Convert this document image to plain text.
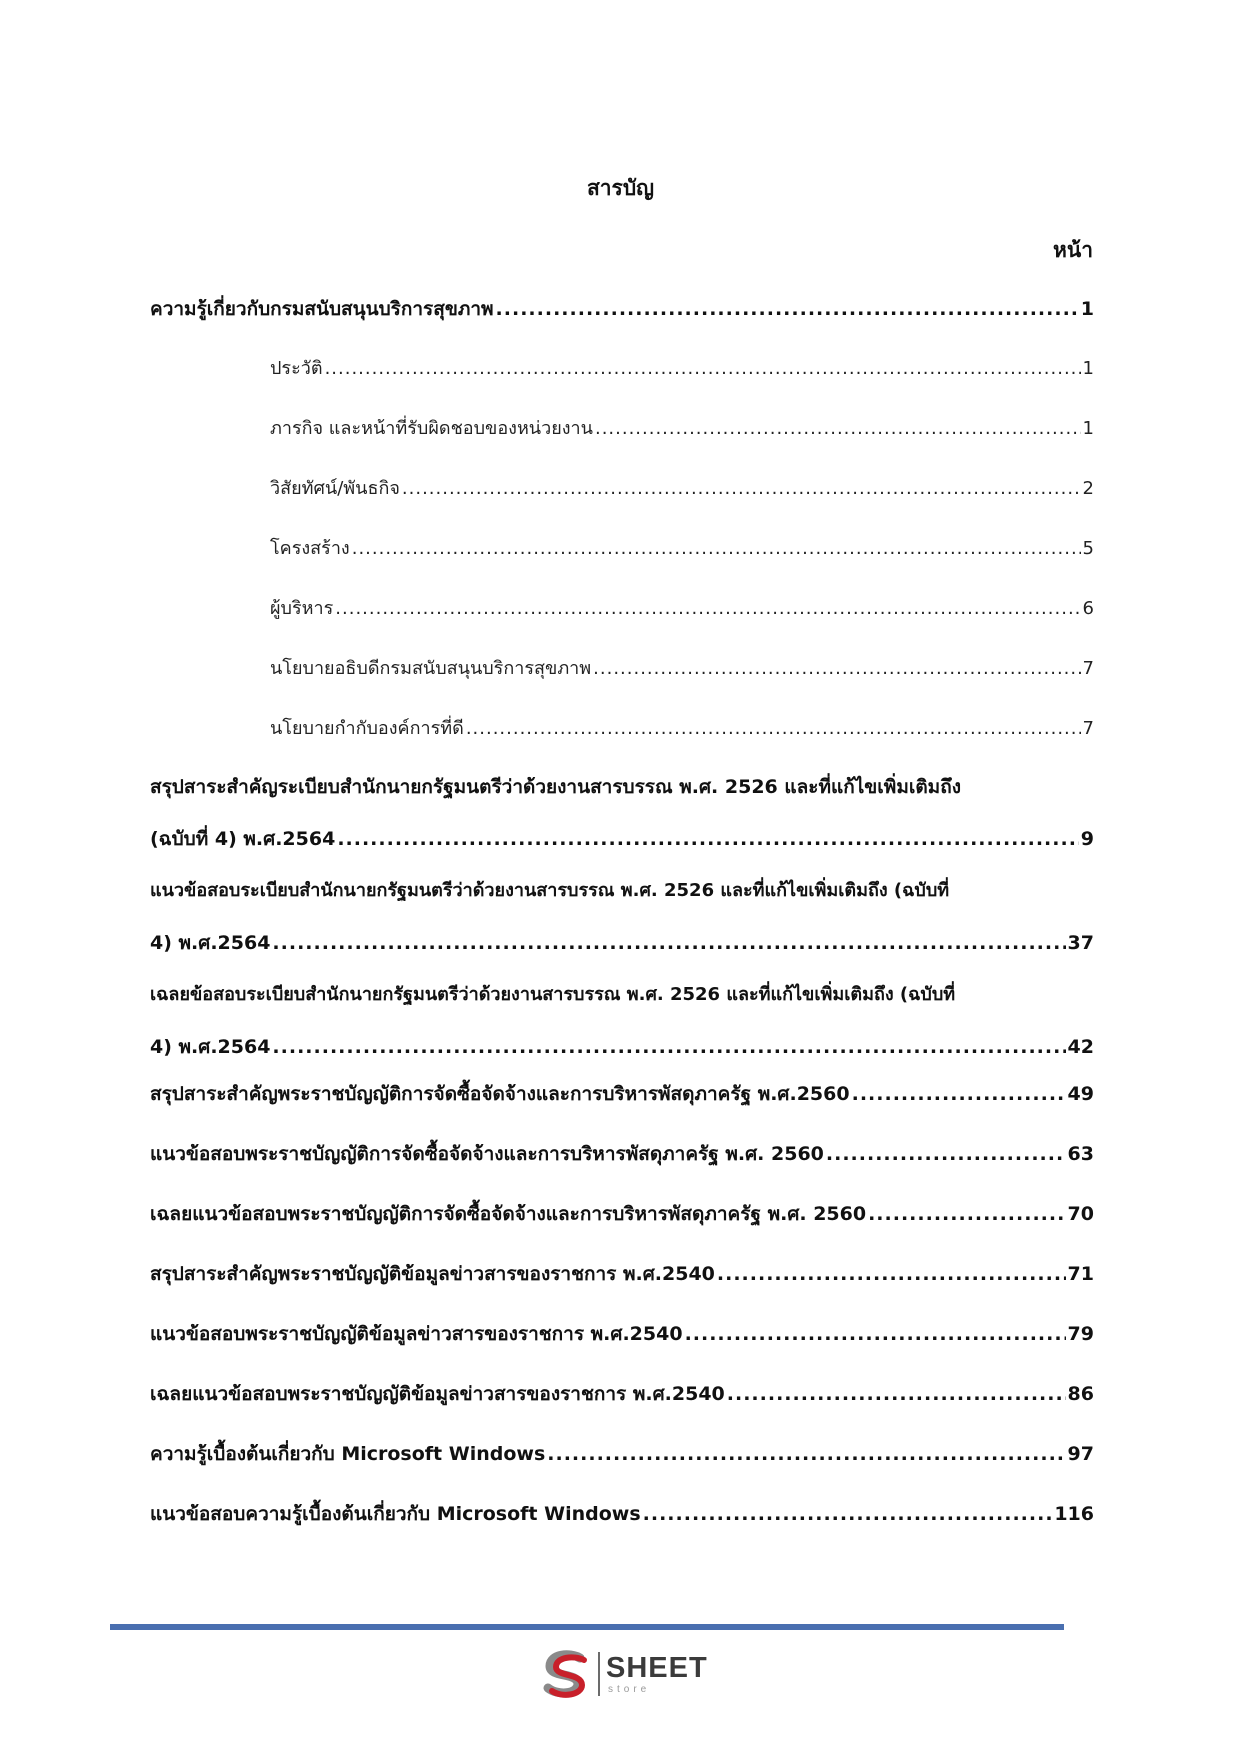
สารบัญ
หน้า
ความรู้เกี่ยวกับกรมสนับสนุนบริการสุขภาพ .....	1
ประวัติ .....	1
ภารกิจ และหน้าที่รับผิดชอบของหน่วยงาน .....	1
วิสัยทัศน์/พันธกิจ .....	2
โครงสร้าง .....	5
ผู้บริหาร .....	6
นโยบายอธิบดีกรมสนับสนุนบริการสุขภาพ .....	7
นโยบายกำกับองค์การที่ดี .....	7
สรุปสาระสำคัญระเบียบสำนักนายกรัฐมนตรีว่าด้วยงานสารบรรณ พ.ศ. 2526 และที่แก้ไขเพิ่มเติมถึง
(ฉบับที่ 4) พ.ศ.2564 .....	9
แนวข้อสอบระเบียบสำนักนายกรัฐมนตรีว่าด้วยงานสารบรรณ พ.ศ. 2526 และที่แก้ไขเพิ่มเติมถึง (ฉบับที่
4) พ.ศ.2564 .....	37
เฉลยข้อสอบระเบียบสำนักนายกรัฐมนตรีว่าด้วยงานสารบรรณ พ.ศ. 2526 และที่แก้ไขเพิ่มเติมถึง (ฉบับที่
4) พ.ศ.2564 .....	42
สรุปสาระสำคัญพระราชบัญญัติการจัดซื้อจัดจ้างและการบริหารพัสดุภาครัฐ พ.ศ.2560 .....	49
แนวข้อสอบพระราชบัญญัติการจัดซื้อจัดจ้างและการบริหารพัสดุภาครัฐ พ.ศ. 2560 .....	63
เฉลยแนวข้อสอบพระราชบัญญัติการจัดซื้อจัดจ้างและการบริหารพัสดุภาครัฐ พ.ศ. 2560 .....	70
สรุปสาระสำคัญพระราชบัญญัติข้อมูลข่าวสารของราชการ พ.ศ.2540 .....	71
แนวข้อสอบพระราชบัญญัติข้อมูลข่าวสารของราชการ พ.ศ.2540 .....	79
เฉลยแนวข้อสอบพระราชบัญญัติข้อมูลข่าวสารของราชการ พ.ศ.2540 .....	86
ความรู้เบื้องต้นเกี่ยวกับ Microsoft Windows .....	97
แนวข้อสอบความรู้เบื้องต้นเกี่ยวกับ Microsoft Windows .....	116
SHEET
store
